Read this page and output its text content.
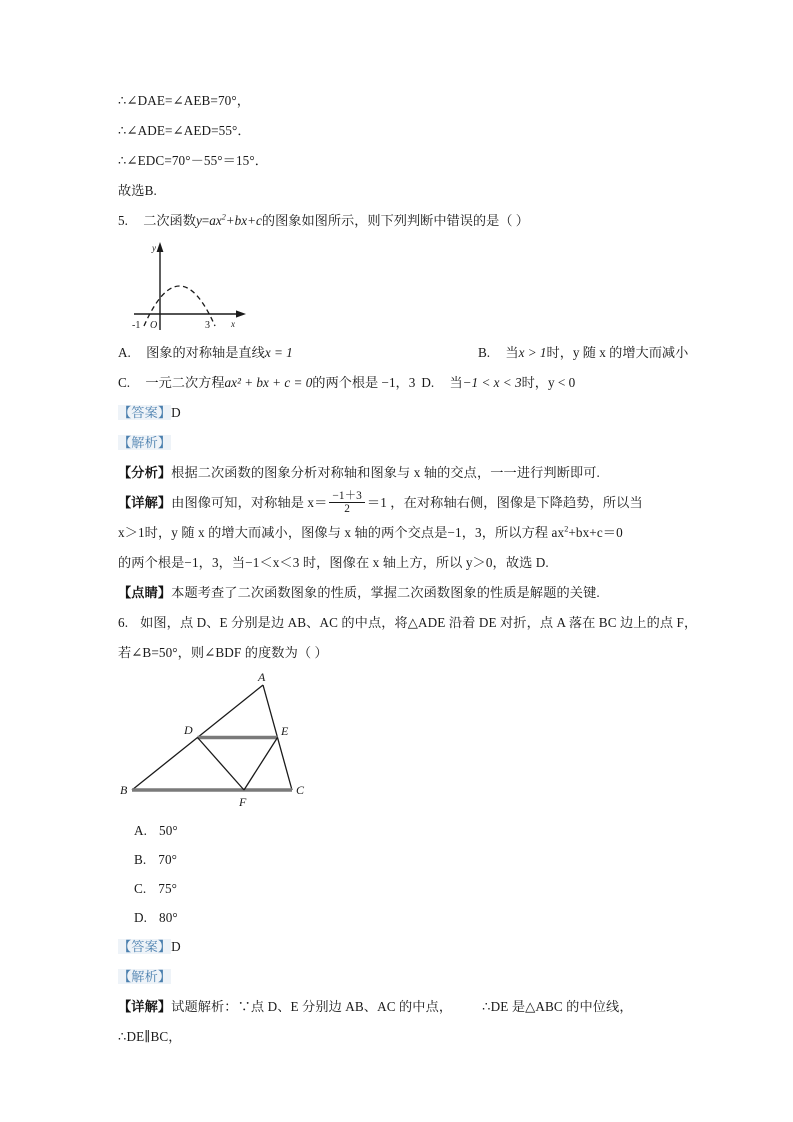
∴∠DAE=∠AEB=70°，
∴∠ADE=∠AED=55°．
∴∠EDC=70°－55°＝15°．
故选B.
5. 二次函数$y=ax^2+bx+c$的图象如图所示，则下列判断中错误的是（ ）
y
x
-1 O	3
A. 图象的对称轴是直线x = 1	B. 当x > 1时，y 随 x 的增大而减小
C. 一元二次方程ax² + bx + c = 0的两个根是 −1，3 D. 当−1 < x < 3时，y < 0
【答案】D
【解析】
【分析】根据二次函数的图象分析对称轴和图象与 x 轴的交点，一一进行判断即可.
【详解】由图像可知，对称轴是 $x= \frac{-1+3}{2} =1$ ，在对称轴右侧，图像是下降趋势，所以当
x＞1时，y 随 x 的增大而减小，图像与 x 轴的两个交点是−1，3，所以方程 $ax^2+bx+c=0$
的两个根是−1，3，当−1＜x＜3 时，图像在 x 轴上方，所以 y＞0，故选 D.
【点睛】本题考查了二次函数图象的性质，掌握二次函数图象的性质是解题的关键.
6. 如图，点 D、E 分别是边 AB、AC 的中点，将△ADE 沿着 DE 对折，点 A 落在 BC 边上的点 F，
若∠B=50°，则∠BDF 的度数为（ ）
A
B	C
D	E
F
A. 50°
B. 70°
C. 75°
D. 80°
【答案】D
【解析】
【详解】试题解析：∵点 D、E 分别边 AB、AC 的中点， ∴DE 是△ABC 的中位线，
∴DE∥BC，
